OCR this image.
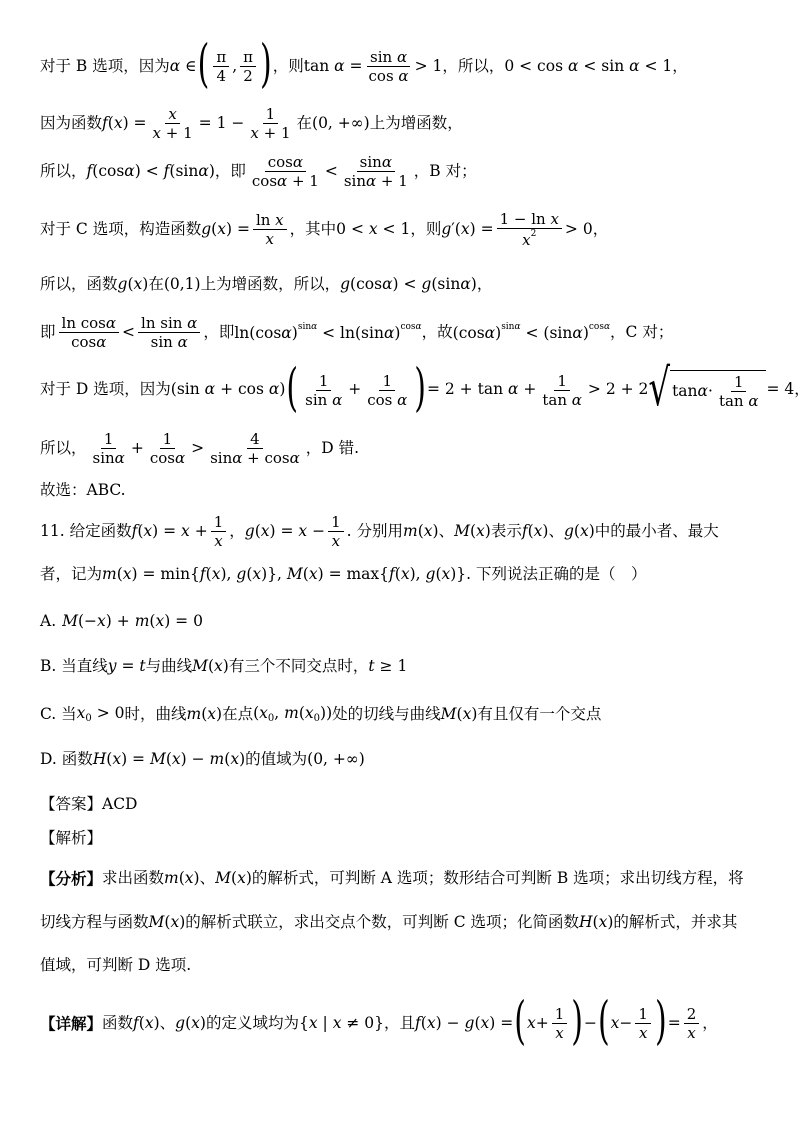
对于 B 选项，因为 α ∈ ( $\frac{\pi}{4}$ , $\frac{\pi}{2}$ ) ，则 $\tan \alpha = \frac{\text{sin α}}{\text{cos α}} > 1$ ，所以， 0 < cos α < sin α < 1 ，
因为函数 $f(x) = \frac{x}{x + 1} = 1 - \frac{1}{x + 1}$ 在 (0, +∞) 上为增函数，
所以， f(cosα) < f(sinα) ，即 $\frac{\cos\alpha}{\cos\alpha + 1} < \frac{\sin\alpha}{\sin\alpha + 1}$ ，B 对；
对于 C 选项，构造函数 $g(x) = \frac{\text{ln x}}{x}$ ，其中 0 < x < 1 ，则 $g'(x) = \frac{\text{1 − ln x}}{x^2} > 0$ ，
所以，函数 g(x) 在 (0,1) 上为增函数，所以， g(cosα) < g(sinα) ，
即 $\frac{\text{ln cosα}}{\cos\alpha} < \frac{\text{ln sin α}}{\text{sin α}}$ ，即 $\ln(\cos\alpha)^{sin\alpha} < \ln(\sin\alpha)^{cos\alpha}$ ，故 $(\cos\alpha)^{sin\alpha} < (\sin\alpha)^{cos\alpha}$ ，C 对；
对于 D 选项，因为 (sin α + cos α) ( $\frac{1}{\text{sin α}} + \frac{1}{\text{cos α}}$ ) = $2 + \tan \alpha + \frac{1}{\text{tan α}} > 2 + 2$ √ $\tan \alpha \cdot \frac{1}{\text{tan α}} = 4$ ，
所以， $\frac{1}{\sin\alpha} + \frac{1}{\cos\alpha} > \frac{4}{\sin\alpha + \cos\alpha}$ ，D 错.
故选：ABC.
11. 给定函数 $f(x) = x + \frac{1}{x}$ ， $g(x) = x - \frac{1}{x}$ . 分别用 m(x) 、 M(x) 表示 f(x) 、 g(x) 中的最小者、最大
者，记为 m(x) = min{f(x), g(x)}, M(x) = max{f(x), g(x)} . 下列说法正确的是（　）
A. M(−x) + m(x) = 0
B. 当直线 y = t 与曲线 M(x) 有三个不同交点时， t ≥ 1
C. 当 $x_0 > 0$ 时，曲线 m(x) 在点 ($x_0$, $m(x_0)$) 处的切线与曲线 M(x) 有且仅有一个交点
D. 函数 H(x) = M(x) − m(x) 的值域为 (0, +∞)
【答案】ACD
【解析】
【分析】 求出函数 m(x) 、 M(x) 的解析式，可判断 A 选项；数形结合可判断 B 选项；求出切线方程，将
切线方程与函数 M(x) 的解析式联立，求出交点个数，可判断 C 选项；化简函数 H(x) 的解析式，并求其
值域，可判断 D 选项.
【详解】 函数 f(x) 、 g(x) 的定义域均为 {x | x ≠ 0} ，且 f(x) − g(x) = ( $x+ \frac{1}{x}$ ) − ( $x- \frac{1}{x}$ ) = $\frac{2}{x}$ ，
